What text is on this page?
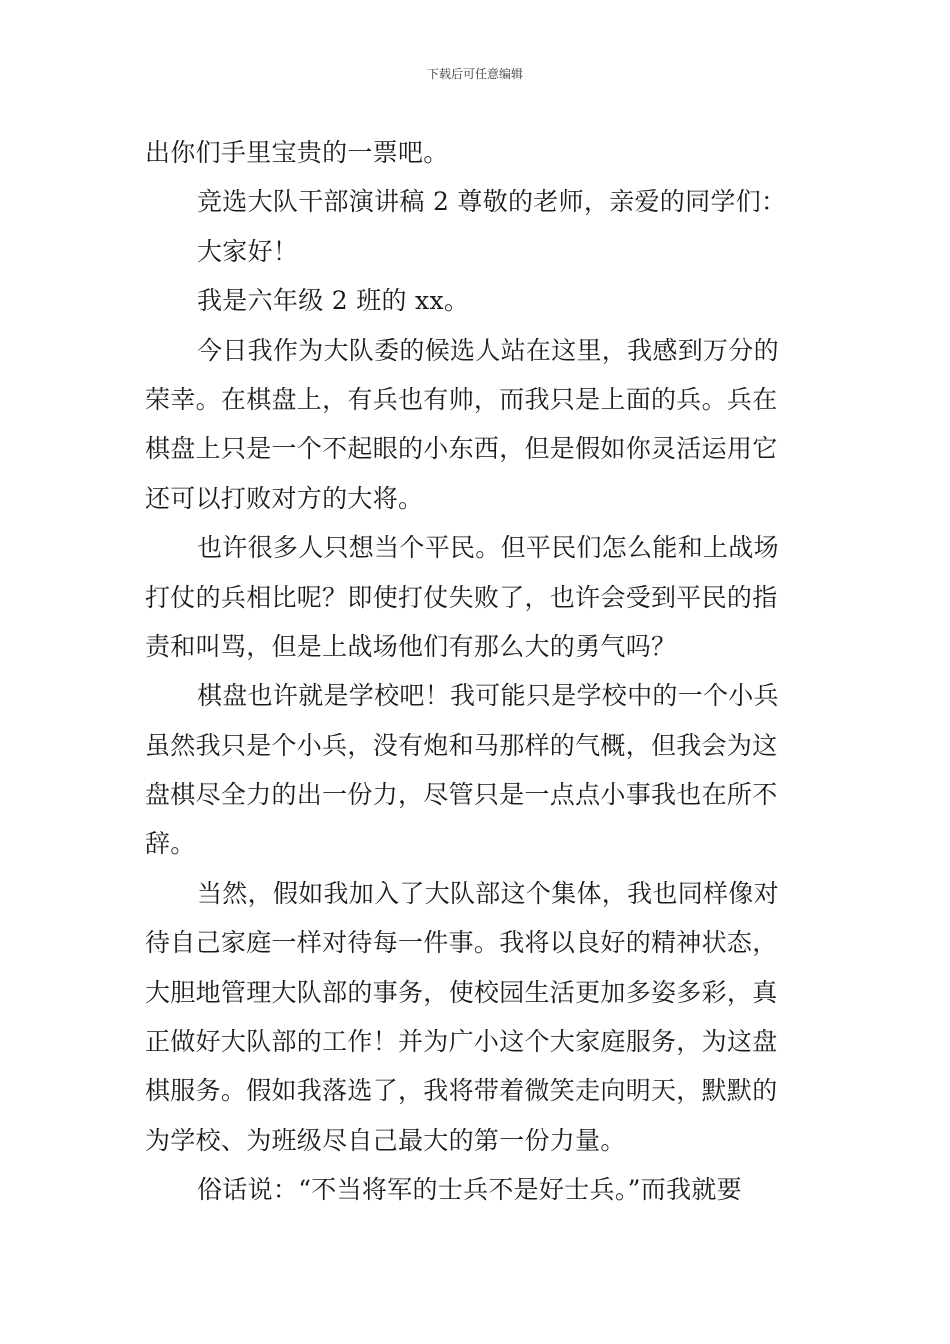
下载后可任意编辑
出你们手里宝贵的一票吧。
竞选大队干部演讲稿 2 尊敬的老师，亲爱的同学们：
大家好！
我是六年级 2 班的 xx。
今日我作为大队委的候选人站在这里，我感到万分的
荣幸。在棋盘上，有兵也有帅，而我只是上面的兵。兵在
棋盘上只是一个不起眼的小东西，但是假如你灵活运用它
还可以打败对方的大将。
也许很多人只想当个平民。但平民们怎么能和上战场
打仗的兵相比呢？即使打仗失败了，也许会受到平民的指
责和叫骂，但是上战场他们有那么大的勇气吗？
棋盘也许就是学校吧！我可能只是学校中的一个小兵
虽然我只是个小兵，没有炮和马那样的气概，但我会为这
盘棋尽全力的出一份力，尽管只是一点点小事我也在所不
辞。
当然，假如我加入了大队部这个集体，我也同样像对
待自己家庭一样对待每一件事。我将以良好的精神状态，
大胆地管理大队部的事务，使校园生活更加多姿多彩，真
正做好大队部的工作！并为广小这个大家庭服务，为这盘
棋服务。假如我落选了，我将带着微笑走向明天，默默的
为学校、为班级尽自己最大的第一份力量。
俗话说：“不当将军的士兵不是好士兵。”而我就要
